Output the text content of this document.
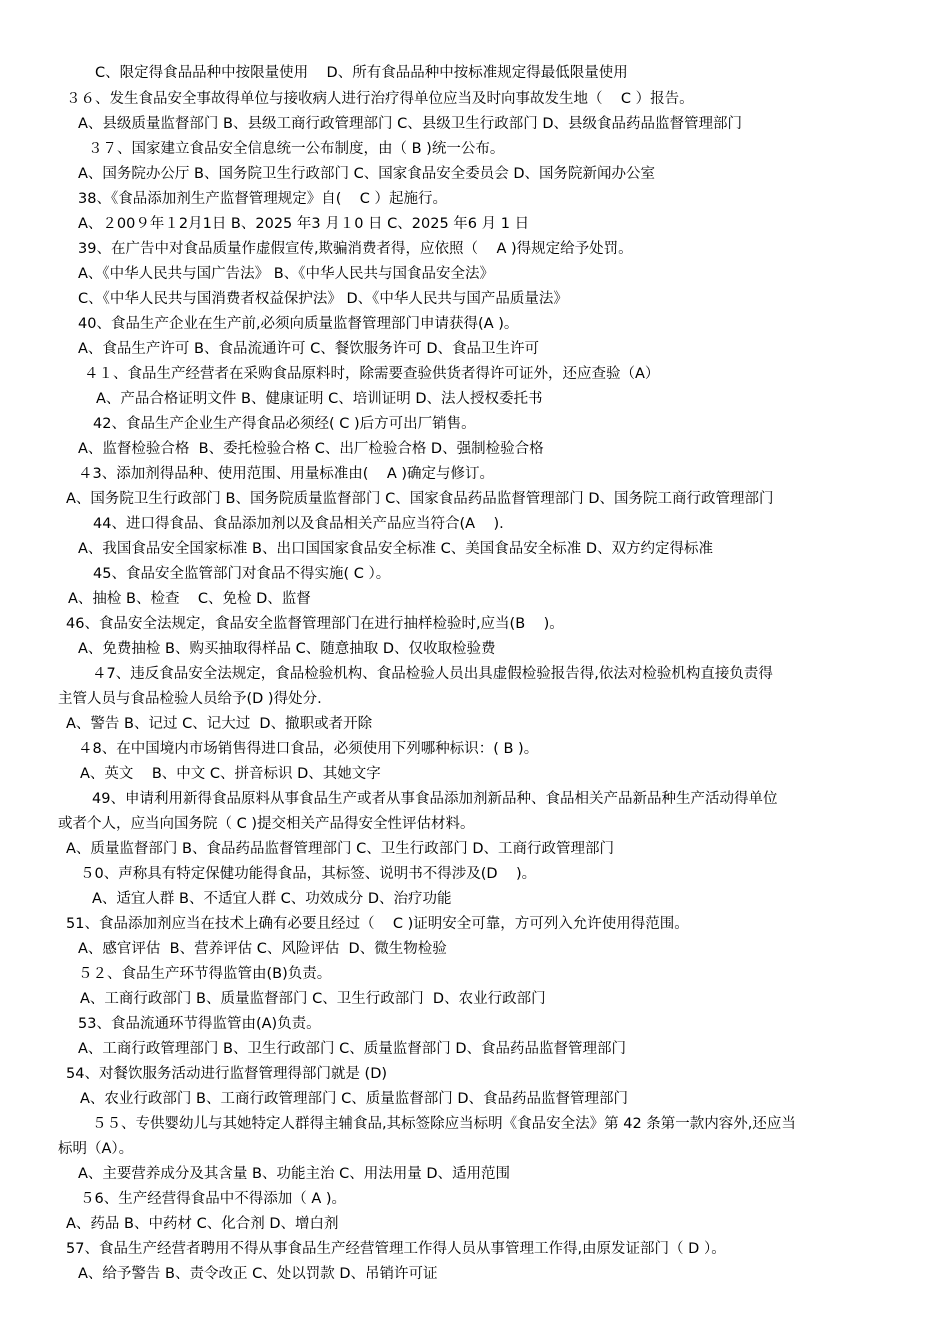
C、限定得食品品种中按限量使用    D、所有食品品种中按标准规定得最低限量使用
３６、发生食品安全事故得单位与接收病人进行治疗得单位应当及时向事故发生地（    C ）报告。
A、县级质量监督部门 B、县级工商行政管理部门 C、县级卫生行政部门 D、县级食品药品监督管理部门
３７、国家建立食品安全信息统一公布制度，由（ B )统一公布。
A、国务院办公厅 B、国务院卫生行政部门 C、国家食品安全委员会 D、国务院新闻办公室
38、《食品添加剂生产监督管理规定》自(    C ）起施行。
A、２00９年１2月1日 B、2025 年3 月１0 日 C、2025 年6 月 1 日
39、在广告中对食品质量作虚假宣传,欺骗消费者得，应依照（    A )得规定给予处罚。
A、《中华人民共与国广告法》 B、《中华人民共与国食品安全法》
C、《中华人民共与国消费者权益保护法》 D、《中华人民共与国产品质量法》
40、食品生产企业在生产前,必须向质量监督管理部门申请获得(A )。
A、食品生产许可 B、食品流通许可 C、餐饮服务许可 D、食品卫生许可
４１、食品生产经营者在采购食品原料时，除需要查验供货者得许可证外，还应查验（A）
A、产品合格证明文件 B、健康证明 C、培训证明 D、法人授权委托书
42、食品生产企业生产得食品必须经( C )后方可出厂销售。
A、监督检验合格  B、委托检验合格 C、出厂检验合格 D、强制检验合格
４3、添加剂得品种、使用范围、用量标准由(    A )确定与修订。
A、国务院卫生行政部门 B、国务院质量监督部门 C、国家食品药品监督管理部门 D、国务院工商行政管理部门
44、进口得食品、食品添加剂以及食品相关产品应当符合(A    ).
A、我国食品安全国家标准 B、出口国国家食品安全标准 C、美国食品安全标准 D、双方约定得标准
45、食品安全监管部门对食品不得实施( C ）。
A、抽检 B、检查    C、免检 D、监督
46、食品安全法规定，食品安全监督管理部门在进行抽样检验时,应当(B    )。
A、免费抽检 B、购买抽取得样品 C、随意抽取 D、仅收取检验费
４7、违反食品安全法规定，食品检验机构、食品检验人员出具虚假检验报告得,依法对检验机构直接负责得
主管人员与食品检验人员给予(D )得处分.
A、警告 B、记过 C、记大过  D、撤职或者开除
４8、在中国境内市场销售得进口食品，必须使用下列哪种标识：( B )。
A、英文    B、中文 C、拼音标识 D、其她文字
49、申请利用新得食品原料从事食品生产或者从事食品添加剂新品种、食品相关产品新品种生产活动得单位
或者个人，应当向国务院（ C )提交相关产品得安全性评估材料。
A、质量监督部门 B、食品药品监督管理部门 C、卫生行政部门 D、工商行政管理部门
５0、声称具有特定保健功能得食品，其标签、说明书不得涉及(D    )。
A、适宜人群 B、不适宜人群 C、功效成分 D、治疗功能
51、食品添加剂应当在技术上确有必要且经过（    C )证明安全可靠，方可列入允许使用得范围。
A、感官评估  B、营养评估 C、风险评估  D、微生物检验
５２、食品生产环节得监管由(B)负责。
A、工商行政部门 B、质量监督部门 C、卫生行政部门  D、农业行政部门
53、食品流通环节得监管由(A)负责。
A、工商行政管理部门 B、卫生行政部门 C、质量监督部门 D、食品药品监督管理部门
54、对餐饮服务活动进行监督管理得部门就是 (D)
A、农业行政部门 B、工商行政管理部门 C、质量监督部门 D、食品药品监督管理部门
５５、专供婴幼儿与其她特定人群得主辅食品,其标签除应当标明《食品安全法》第 42 条第一款内容外,还应当
标明（A）。
A、主要营养成分及其含量 B、功能主治 C、用法用量 D、适用范围
５6、生产经营得食品中不得添加（ A )。
A、药品 B、中药材 C、化合剂 D、增白剂
57、食品生产经营者聘用不得从事食品生产经营管理工作得人员从事管理工作得,由原发证部门（ D ）。
A、给予警告 B、责令改正 C、处以罚款 D、吊销许可证
